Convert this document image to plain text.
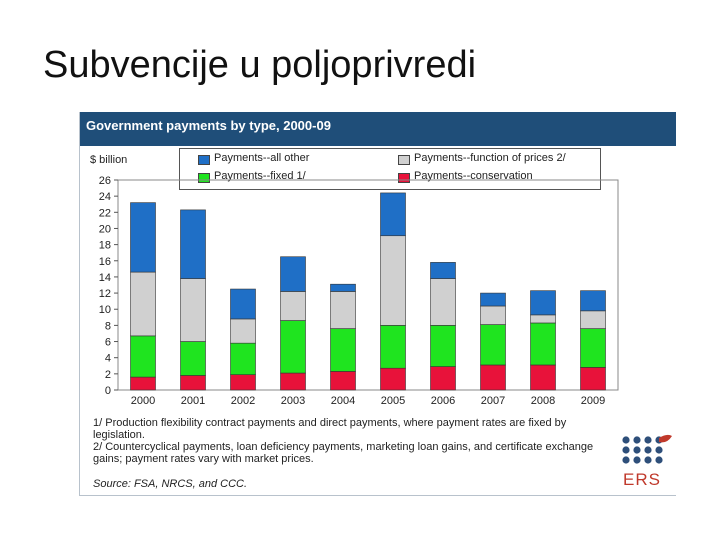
Subvencije u poljoprivredi
Government payments by type, 2000-09
$ billion	Payments--all other	Payments--function of prices 2/
Payments--fixed 1/	Payments--conservation
0
2
4
6
8
10
12
14
16
18
20
22
24
26
2000 2001 2002 2003 2004 2005 2006 2007 2008 2009
1/ Production flexibility contract payments and direct payments, where payment rates are fixed by legislation.
2/ Countercyclical payments, loan deficiency payments, marketing loan gains, and certificate exchange gains; payment rates vary with market prices.
Source: FSA, NRCS, and CCC.	ERS
